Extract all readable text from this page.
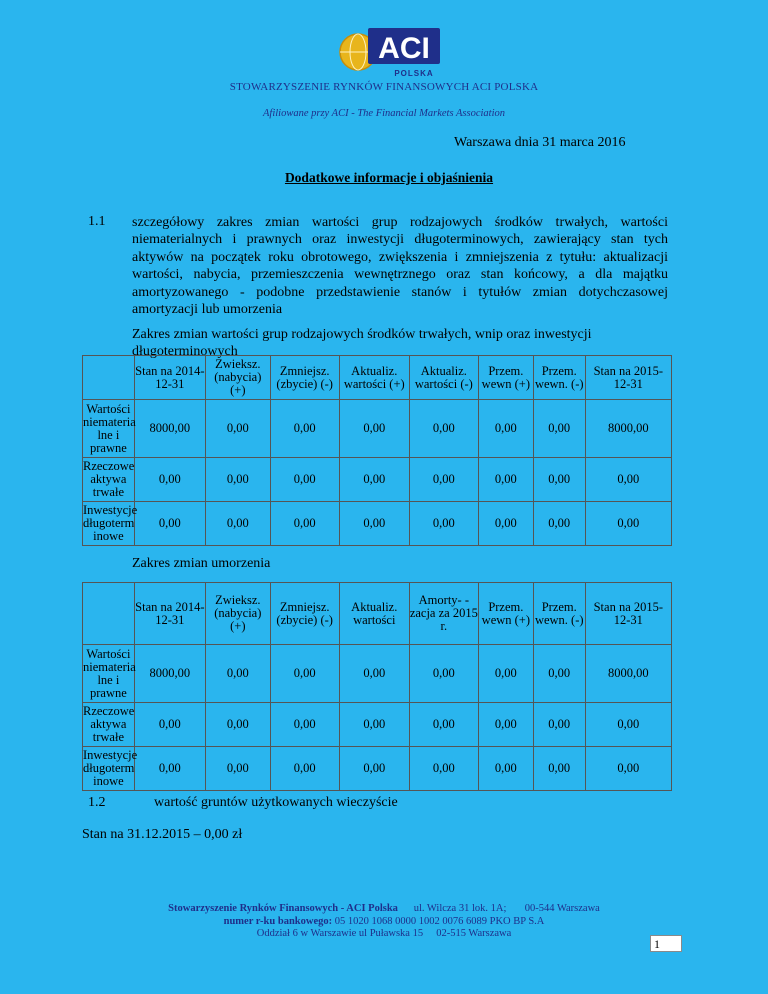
ACI
POLSKA
STOWARZYSZENIE RYNKÓW FINANSOWYCH ACI POLSKA
Afiliowane przy ACI - The Financial Markets Association
Warszawa dnia 31 marca 2016
Dodatkowe informacje i objaśnienia
1.1 szczegółowy zakres zmian wartości grup rodzajowych środków trwałych, wartości niematerialnych i prawnych oraz inwestycji długoterminowych, zawierający stan tych aktywów na początek roku obrotowego, zwiększenia i zmniejszenia z tytułu: aktualizacji wartości, nabycia, przemieszczenia wewnętrznego oraz stan końcowy, a dla majątku amortyzowanego - podobne przedstawienie stanów i tytułów zmian dotychczasowej amortyzacji lub umorzenia
Zakres zmian wartości grup rodzajowych środków trwałych, wnip oraz inwestycji długoterminowych
	Stan na 2014-12-31	Zwieksz. (nabycia) (+)	Zmniejsz. (zbycie) (-)	Aktualiz. wartości (+)	Aktualiz. wartości (-)	Przem. wewn (+)	Przem. wewn. (-)	Stan na 2015-12-31
Wartości niemateria lne i prawne	8000,00	0,00	0,00	0,00	0,00	0,00	0,00	8000,00
Rzeczowe aktywa trwałe	0,00	0,00	0,00	0,00	0,00	0,00	0,00	0,00
Inwestycje długoterm inowe	0,00	0,00	0,00	0,00	0,00	0,00	0,00	0,00
Zakres zmian umorzenia
	Stan na 2014-12-31	Zwieksz. (nabycia) (+)	Zmniejsz. (zbycie) (-)	Aktualiz. wartości	Amorty- -zacja za 2015 r.	Przem. wewn (+)	Przem. wewn. (-)	Stan na 2015-12-31
Wartości niemateria lne i prawne	8000,00	0,00	0,00	0,00	0,00	0,00	0,00	8000,00
Rzeczowe aktywa trwałe	0,00	0,00	0,00	0,00	0,00	0,00	0,00	0,00
Inwestycje długoterm inowe	0,00	0,00	0,00	0,00	0,00	0,00	0,00	0,00
1.2	wartość gruntów użytkowanych wieczyście
Stan na 31.12.2015 – 0,00 zł
Stowarzyszenie Rynków Finansowych - ACI Polska ul. Wilcza 31 lok. 1A; 00-544 Warszawa
numer r-ku bankowego: 05 1020 1068 0000 1002 0076 6089 PKO BP S.A
Oddział 6 w Warszawie ul Puławska 15 02-515 Warszawa
1
